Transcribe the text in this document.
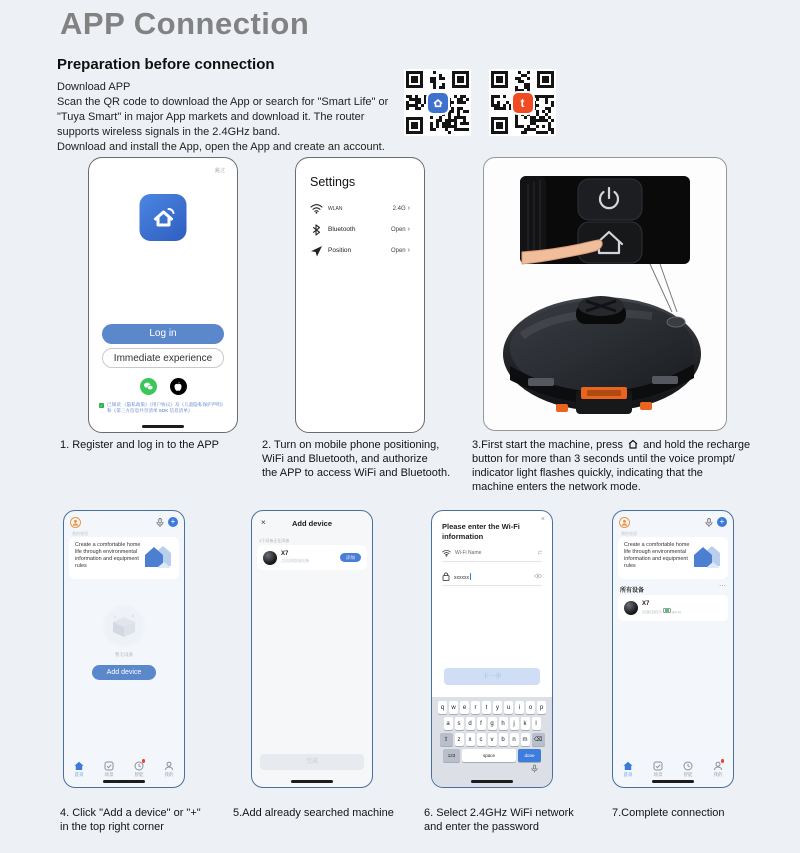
APP Connection
Preparation before connection
Download APP
Scan the QR code to download the App or search for "Smart Life" or
"Tuya Smart" in major App markets and download it. The router
supports wireless signals in the 2.4GHz band.
Download and install the App, open the App and create an account.
t
跳过
Log in
Immediate experience
✓ 已阅读 《隐私政策》《用户协议》及《儿童隐私保护声明》
和《第三方信息共享清单 SDK 信息清单》
Settings
WLAN	2.4G ›
Bluetooth	Open ›
Position	Open ›
1. Register and log in to the APP	2. Turn on mobile phone positioning,
WiFi and Bluetooth, and authorize
the APP to access WiFi and Bluetooth.
3.First start the machine, press and hold the recharge
button for more than 3 seconds until the voice prompt/
indicator light flashes quickly, indicating that the
machine enters the network mode.
+
我的家里
Create a comfortable home life through environmental information and equipment rules
暂无设备
Add device
首页	场景	智能	我的
×	Add device
1个设备正在添加
X7
点击添加该设备
添加
完成
×
Please enter the Wi-Fi
information
Wi-Fi Name	⇄
xxxxxx
下一步
q	w	e	r	t	y	u	i	o	p
a	s	d	f	g	h	j	k	l
⇧	z	x	c	v	b	n	m	⌫
123	space	done
+
我的家里
Create a comfortable home life through environmental information and equipment rules
所有设备
⋯
X7
设备待机中	84 %
首页	场景	智能	我的
4. Click "Add a device" or "+"
in the top right corner
5.Add already searched machine	6. Select 2.4GHz WiFi network
and enter the password
7.Complete connection
